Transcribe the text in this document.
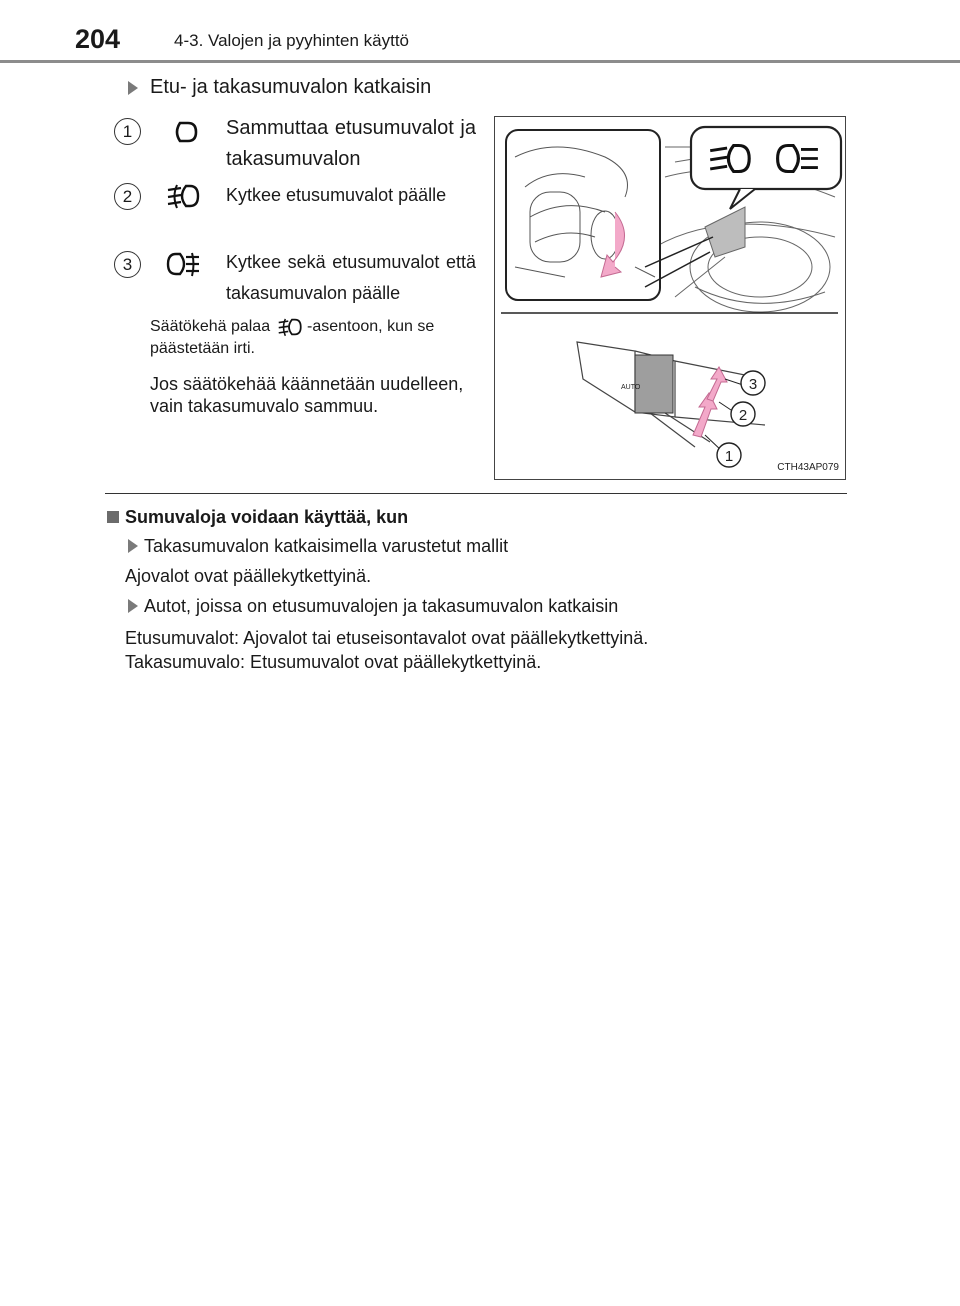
204	4-3. Valojen ja pyyhinten käyttö
Etu- ja takasumuvalon katkaisin
1	Sammuttaa etusumuvalot ja takasumuvalon
2	Kytkee etusumuvalot päälle
3	Kytkee sekä etusumuvalot että takasumuvalon päälle
Säätökehä palaa -asentoon, kun se päästetään irti.
Jos säätökehää käännetään uudelleen, vain takasumuvalo sammuu.
AUTO
1
2
3
CTH43AP079
Sumuvaloja voidaan käyttää, kun
Takasumuvalon katkaisimella varustetut mallit
Ajovalot ovat päällekytkettyinä.
Autot, joissa on etusumuvalojen ja takasumuvalon katkaisin
Etusumuvalot: Ajovalot tai etuseisontavalot ovat päällekytkettyinä.
Takasumuvalo: Etusumuvalot ovat päällekytkettyinä.
